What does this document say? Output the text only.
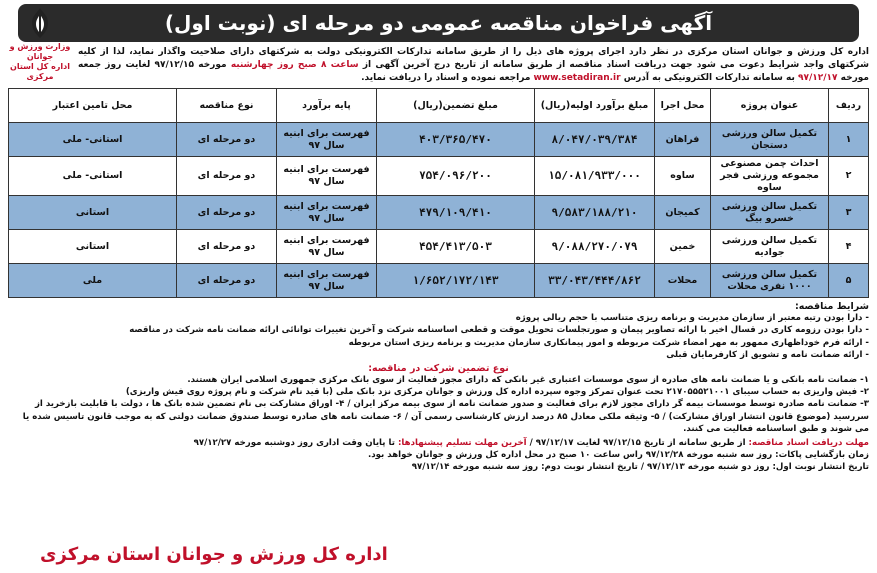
آگهی فراخوان مناقصه عمومی دو مرحله ای (نوبت اول)
اداره کل ورزش و جوانان استان مرکزی در نظر دارد اجرای پروژه های ذیل را از طریق سامانه تدارکات الکترونیکی دولت به شرکتهای دارای صلاحیت واگذار نماید، لذا از کلیه شرکتهای واجد شرایط دعوت می شود جهت دریافت اسناد مناقصه از طریق سامانه از تاریخ درج آخرین آگهی از ساعت ۸ صبح روز چهارشنبه مورخه ۹۷/۱۲/۱۵ لغایت روز جمعه مورخه ۹۷/۱۲/۱۷ به سامانه تدارکات الکترونیکی به آدرس www.setadiran.ir مراجعه نموده و اسناد را دریافت نماید.
وزارت ورزش و جوانان
اداره کل استان مرکزی
ردیف	عنوان پروژه	محل اجرا	مبلغ برآورد اولیه(ریال)	مبلغ تضمین(ریال)	پایه برآورد	نوع مناقصه	محل تامین اعتبار
۱	تکمیل سالن ورزشی دستجان	فراهان	۸/۰۴۷/۰۳۹/۳۸۴	۴۰۳/۳۶۵/۴۷۰	فهرست برای ابنیه سال ۹۷	دو مرحله ای	استانی- ملی
۲	احداث چمن مصنوعی مجموعه ورزشی فجر ساوه	ساوه	۱۵/۰۸۱/۹۳۳/۰۰۰	۷۵۴/۰۹۶/۲۰۰	فهرست برای ابنیه سال ۹۷	دو مرحله ای	استانی- ملی
۳	تکمیل سالن ورزشی خسرو بیگ	کمیجان	۹/۵۸۳/۱۸۸/۲۱۰	۴۷۹/۱۰۹/۴۱۰	فهرست برای ابنیه سال ۹۷	دو مرحله ای	استانی
۴	تکمیل سالن ورزشی جوادیه	خمین	۹/۰۸۸/۲۷۰/۰۷۹	۴۵۴/۴۱۳/۵۰۳	فهرست برای ابنیه سال ۹۷	دو مرحله ای	استانی
۵	تکمیل سالن ورزشی ۱۰۰۰ نفری محلات	محلات	۳۳/۰۴۳/۴۴۴/۸۶۲	۱/۶۵۲/۱۷۲/۱۴۳	فهرست برای ابنیه سال ۹۷	دو مرحله ای	ملی
شرایط مناقصه:
- دارا بودن رتبه معتبر از سازمان مدیریت و برنامه ریزی متناسب با حجم ریالی پروژه
- دارا بودن رزومه کاری در قسال اخیر با ارائه تصاویر پیمان و صورتجلسات تحویل موقت و قطعی اساسنامه شرکت و آخرین تغییرات توانائی ارائه ضمانت نامه شرکت در مناقصه
- ارائه فرم خوداظهاری ممهور به مهر امضاء شرکت مربوطه و امور پیمانکاری سازمان مدیریت و برنامه ریزی استان مربوطه
- ارائه ضمانت نامه و تشویق از کارفرمایان قبلی
نوع تضمین شرکت در مناقصه:

۱- ضمانت نامه بانکی و یا ضمانت نامه های صادره از سوی موسسات اعتباری غیر بانکی که دارای مجوز فعالیت از سوی بانک مرکزی جمهوری اسلامی ایران هستند.

۲- فیش واریزی به حساب سیبای ۲۱۷۰۵۵۵۲۱۰۰۱ تحت عنوان تمرکز وجوه سپرده اداره کل ورزش و جوانان مرکزی نزد بانک ملی (با قید نام شرکت و نام پروژه روی فیش واریزی)

۳- ضمانت نامه صادره توسط موسسات بیمه گر دارای مجوز لازم برای فعالیت و صدور ضمانت نامه از سوی بیمه مرکز ایران / ۴- اوراق مشارکت بی نام تضمین شده بانک ها ، دولت با قابلیت بازخرید از سررسید (موضوع قانون انتشار اوراق مشارکت) / ۵- وثیقه ملکی معادل ۸۵ درصد ارزش کارشناسی رسمی آن / ۶- ضمانت نامه های صادره توسط صندوق ضمانت دولتی که به موجب قانون تاسیس شده یا می شوند و طبق اساسنامه فعالیت می کنند.

مهلت دریافت اسناد مناقصه: از طریق سامانه از تاریخ ۹۷/۱۲/۱۵ لغایت ۹۷/۱۲/۱۷ / آخرین مهلت تسلیم پیشنهادها: تا پایان وقت اداری روز دوشنبه مورخه ۹۷/۱۲/۲۷

زمان بازگشایی پاکات: روز سه شنبه مورخه ۹۷/۱۲/۲۸ راس ساعت ۱۰ صبح در محل اداره کل ورزش و جوانان خواهد بود.

تاریخ انتشار نوبت اول: روز دو شنبه مورخه ۹۷/۱۲/۱۳ / تاریخ انتشار نوبت دوم: روز سه شنبه مورخه ۹۷/۱۲/۱۴

اداره کل ورزش و جوانان استان مرکزی
